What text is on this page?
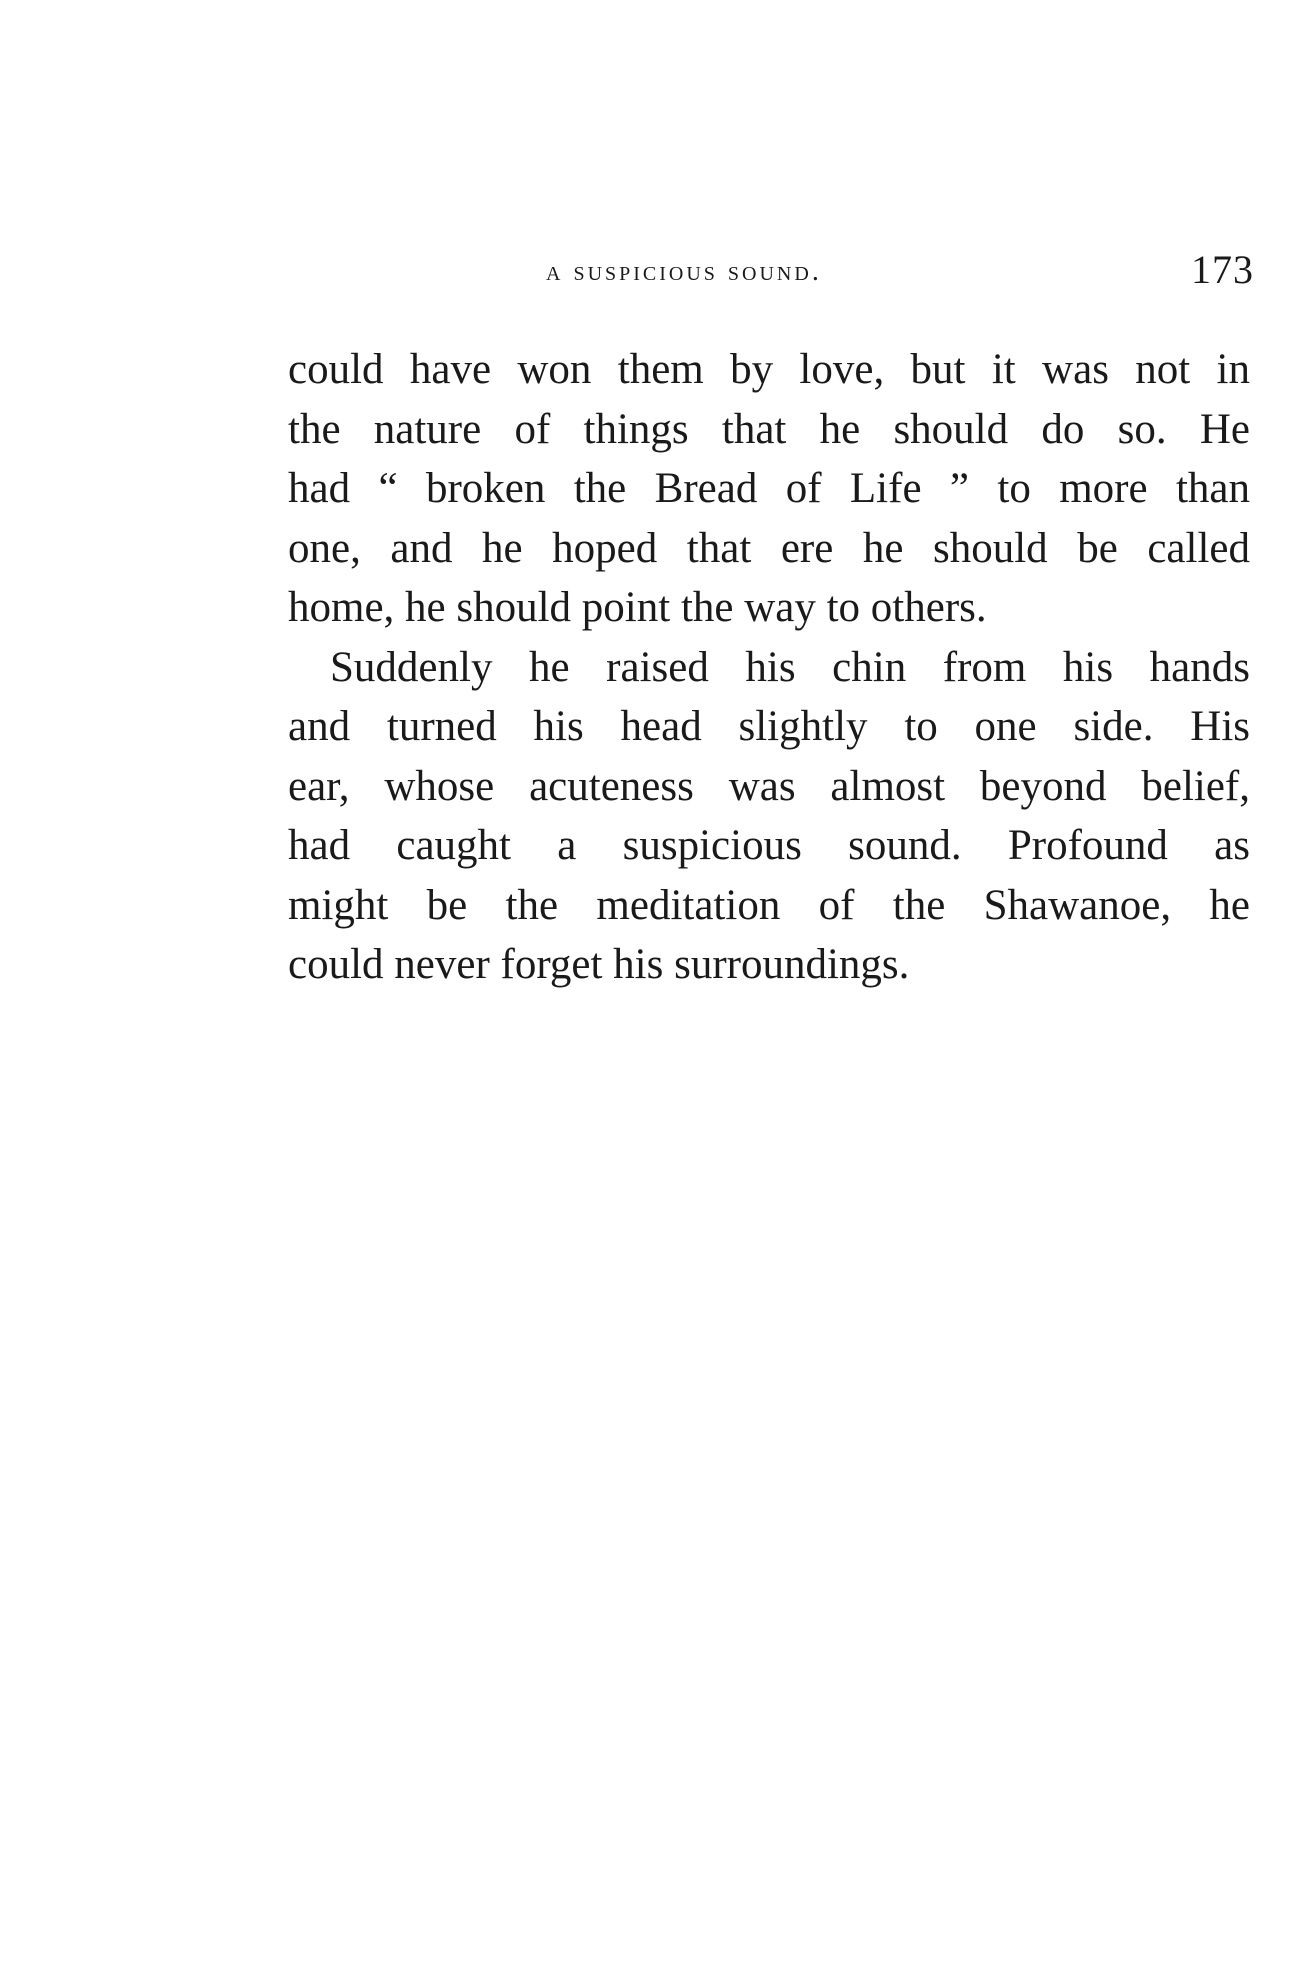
a suspicious sound.	173

could have won them by love, but it was not in
the nature of things that he should do so. He
had “ broken the Bread of Life ” to more than
one, and he hoped that ere he should be called
home, he should point the way to others.

Suddenly he raised his chin from his hands
and turned his head slightly to one side. His
ear, whose acuteness was almost beyond belief,
had caught a suspicious sound. Profound as
might be the meditation of the Shawanoe, he
could never forget his surroundings.
